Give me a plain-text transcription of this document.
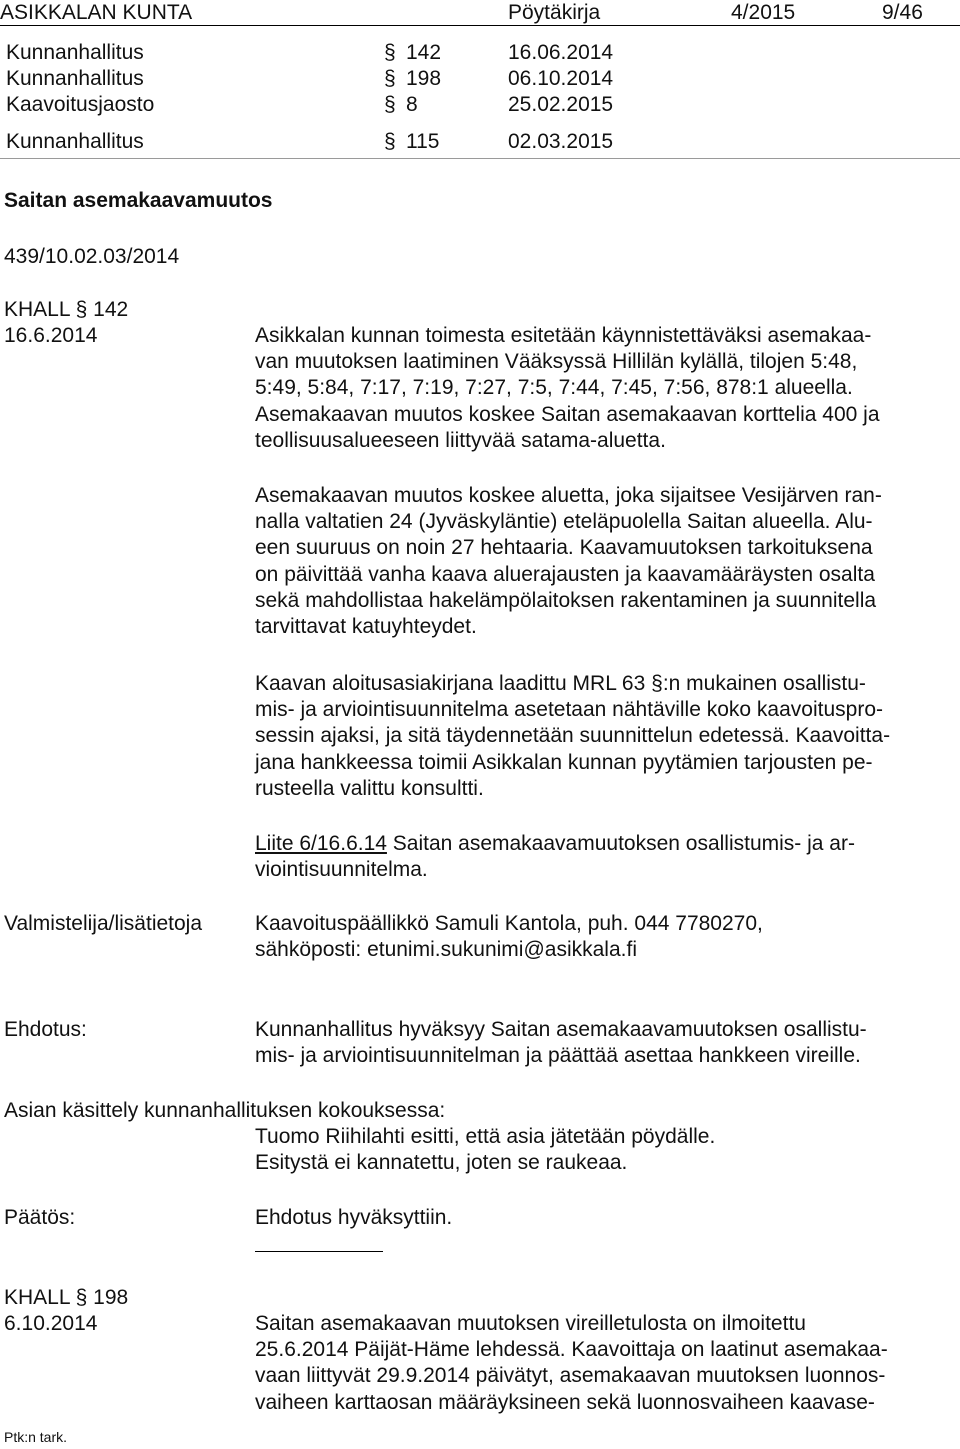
ASIKKALAN KUNTA	Pöytäkirja	4/2015	9/46
Kunnanhallitus	§ 142	16.06.2014
Kunnanhallitus	§ 198	06.10.2014
Kaavoitusjaosto	§ 8	25.02.2015
Kunnanhallitus	§ 115	02.03.2015
Saitan asemakaavamuutos
439/10.02.03/2014
KHALL § 142
16.6.2014	Asikkalan kunnan toimesta esitetään käynnistettäväksi asemakaa-
van muutoksen laatiminen Vääksyssä Hillilän kylällä, tilojen 5:48,
5:49, 5:84, 7:17, 7:19, 7:27, 7:5, 7:44, 7:45, 7:56, 878:1 alueella.
Asemakaavan muutos koskee Saitan asemakaavan korttelia 400 ja
teollisuusalueeseen liittyvää satama-aluetta.
Asemakaavan muutos koskee aluetta, joka sijaitsee Vesijärven ran-
nalla valtatien 24 (Jyväskyläntie) eteläpuolella Saitan alueella. Alu-
een suuruus on noin 27 hehtaaria. Kaavamuutoksen tarkoituksena
on päivittää vanha kaava aluerajausten ja kaavamääräysten osalta
sekä mahdollistaa hakelämpölaitoksen rakentaminen ja suunnitella
tarvittavat katuyhteydet.
Kaavan aloitusasiakirjana laadittu MRL 63 §:n mukainen osallistu-
mis- ja arviointisuunnitelma asetetaan nähtäville koko kaavoituspro-
sessin ajaksi, ja sitä täydennetään suunnittelun edetessä. Kaavoitta-
jana hankkeessa toimii Asikkalan kunnan pyytämien tarjousten pe-
rusteella valittu konsultti.
Liite 6/16.6.14 Saitan asemakaavamuutoksen osallistumis- ja ar-
viointisuunnitelma.
Valmistelija/lisätietoja	Kaavoituspäällikkö Samuli Kantola, puh. 044 7780270,
sähköposti: etunimi.sukunimi@asikkala.fi
Ehdotus:	Kunnanhallitus hyväksyy Saitan asemakaavamuutoksen osallistu-
mis- ja arviointisuunnitelman ja päättää asettaa hankkeen vireille.
Asian käsittely kunnanhallituksen kokouksessa:
Tuomo Riihilahti esitti, että asia jätetään pöydälle.
Esitystä ei kannatettu, joten se raukeaa.
Päätös:	Ehdotus hyväksyttiin.
KHALL § 198
6.10.2014	Saitan asemakaavan muutoksen vireilletulosta on ilmoitettu
25.6.2014 Päijät-Häme lehdessä. Kaavoittaja on laatinut asemakaa-
vaan liittyvät 29.9.2014 päivätyt, asemakaavan muutoksen luonnos-
vaiheen karttaosan määräyksineen sekä luonnosvaiheen kaavase-
Ptk:n tark.
